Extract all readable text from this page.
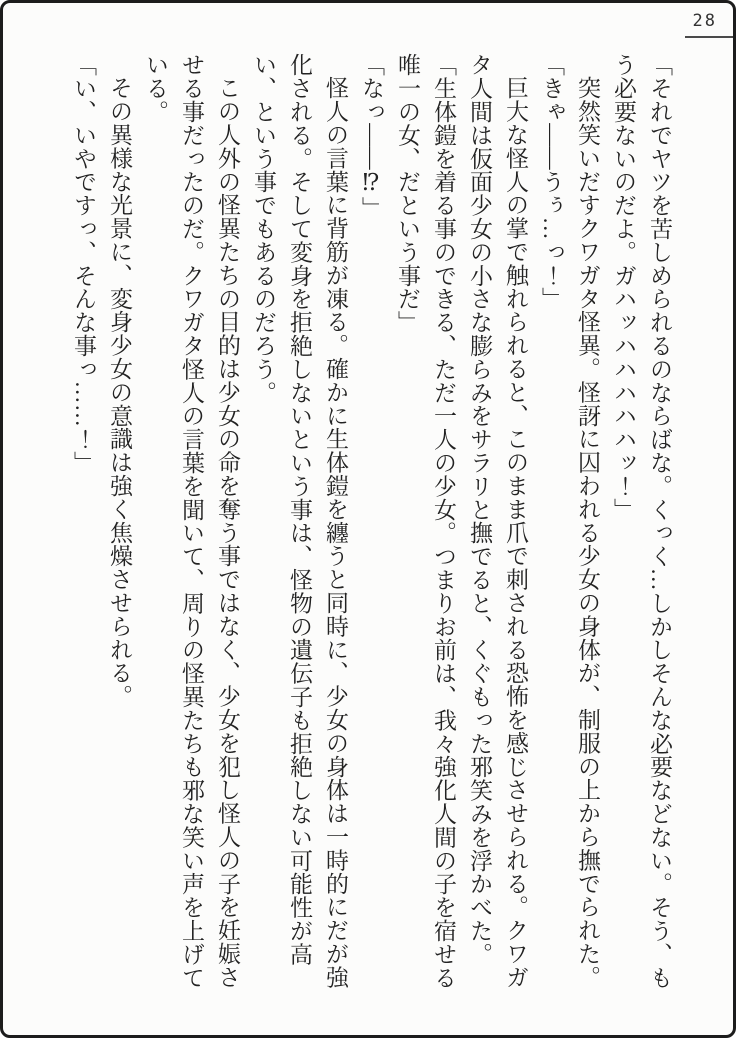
28

「それでヤツを苦しめられるのならばな。くっく…しかしそんな必要などない。そう、もう必要ないのだよ。ガハッハハハハハッ！」

突然笑いだすクワガタ怪異。怪訝に囚われる少女の身体が、制服の上から撫でられた。

「きゃ――うぅ…っ！」

巨大な怪人の掌で触れられると、このまま爪で刺される恐怖を感じさせられる。クワガタ人間は仮面少女の小さな膨らみをサラリと撫でると、くぐもった邪笑みを浮かべた。

「生体鎧を着る事のできる、ただ一人の少女。つまりお前は、我々強化人間の子を宿せる唯一の女、だという事だ」

「なっ――⁉」

怪人の言葉に背筋が凍る。確かに生体鎧を纏うと同時に、少女の身体は一時的にだが強化される。そして変身を拒絶しないという事は、怪物の遺伝子も拒絶しない可能性が高い、という事でもあるのだろう。

この人外の怪異たちの目的は少女の命を奪う事ではなく、少女を犯し怪人の子を妊娠させる事だったのだ。クワガタ怪人の言葉を聞いて、周りの怪異たちも邪な笑い声を上げている。

その異様な光景に、変身少女の意識は強く焦燥させられる。

「い、いやですっ、そんな事っ……！」
